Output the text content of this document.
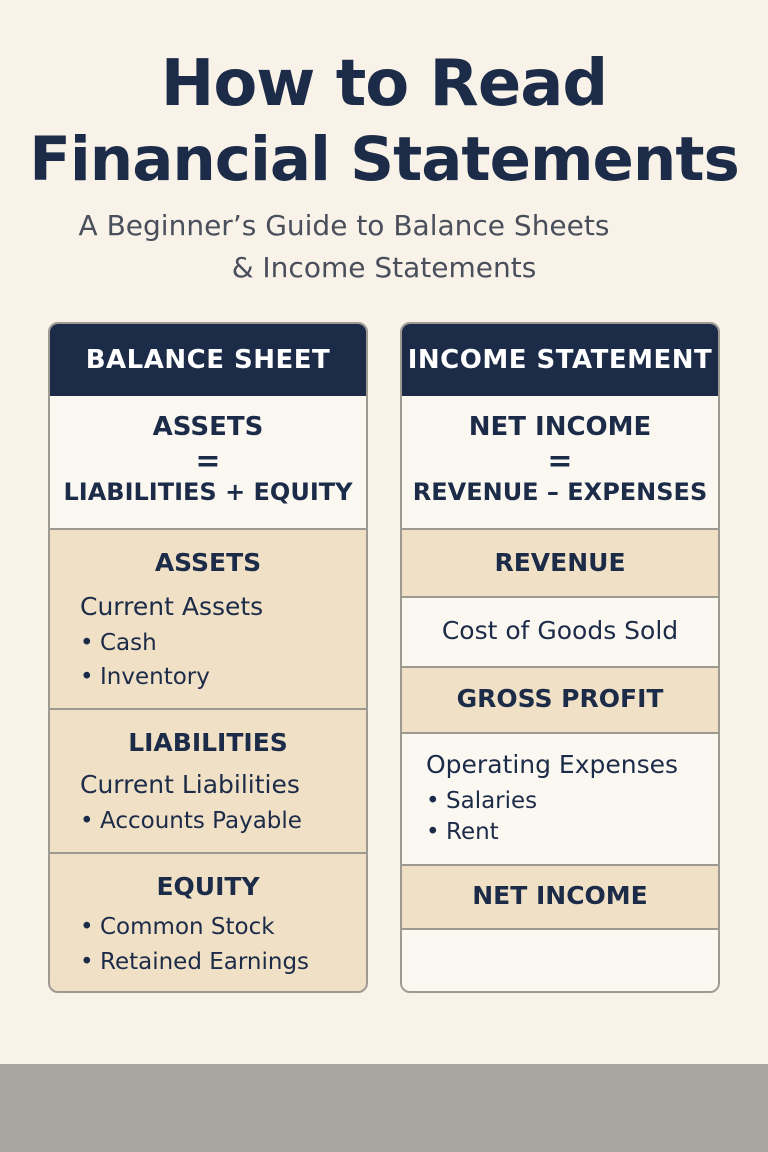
How to Read
Financial Statements
A Beginner’s Guide to Balance Sheets
& Income Statements
BALANCE SHEET
ASSETS
=
LIABILITIES + EQUITY
ASSETS
Current Assets
• Cash
• Inventory
LIABILITIES
Current Liabilities
• Accounts Payable
EQUITY
• Common Stock
• Retained Earnings
INCOME STATEMENT
NET INCOME
=
REVENUE – EXPENSES
REVENUE
Cost of Goods Sold
GROSS PROFIT
Operating Expenses
• Salaries
• Rent
NET INCOME
